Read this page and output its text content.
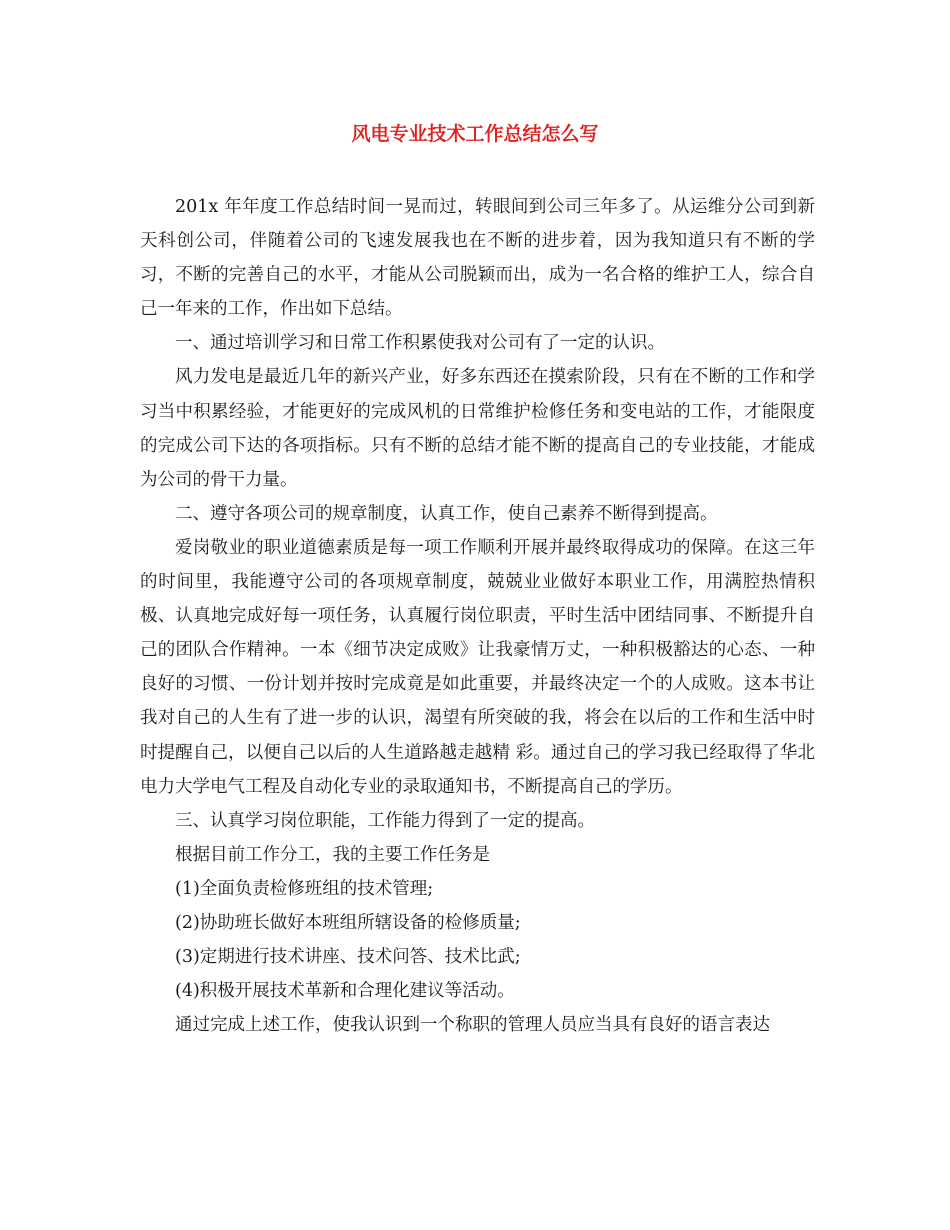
风电专业技术工作总结怎么写

201x 年年度工作总结时间一晃而过，转眼间到公司三年多了。从运维分公司到新天科创公司，伴随着公司的飞速发展我也在不断的进步着，因为我知道只有不断的学习，不断的完善自己的水平，才能从公司脱颖而出，成为一名合格的维护工人，综合自己一年来的工作，作出如下总结。

一、通过培训学习和日常工作积累使我对公司有了一定的认识。

风力发电是最近几年的新兴产业，好多东西还在摸索阶段，只有在不断的工作和学习当中积累经验，才能更好的完成风机的日常维护检修任务和变电站的工作，才能限度的完成公司下达的各项指标。只有不断的总结才能不断的提高自己的专业技能，才能成为公司的骨干力量。

二、遵守各项公司的规章制度，认真工作，使自己素养不断得到提高。

爱岗敬业的职业道德素质是每一项工作顺利开展并最终取得成功的保障。在这三年的时间里，我能遵守公司的各项规章制度，兢兢业业做好本职业工作，用满腔热情积极、认真地完成好每一项任务，认真履行岗位职责，平时生活中团结同事、不断提升自己的团队合作精神。一本《细节决定成败》让我豪情万丈，一种积极豁达的心态、一种良好的习惯、一份计划并按时完成竟是如此重要，并最终决定一个的人成败。这本书让我对自己的人生有了进一步的认识，渴望有所突破的我，将会在以后的工作和生活中时时提醒自己，以便自己以后的人生道路越走越精 彩。通过自己的学习我已经取得了华北电力大学电气工程及自动化专业的录取通知书，不断提高自己的学历。

三、认真学习岗位职能，工作能力得到了一定的提高。

根据目前工作分工，我的主要工作任务是

(1)全面负责检修班组的技术管理;

(2)协助班长做好本班组所辖设备的检修质量;

(3)定期进行技术讲座、技术问答、技术比武;

(4)积极开展技术革新和合理化建议等活动。

通过完成上述工作，使我认识到一个称职的管理人员应当具有良好的语言表达
